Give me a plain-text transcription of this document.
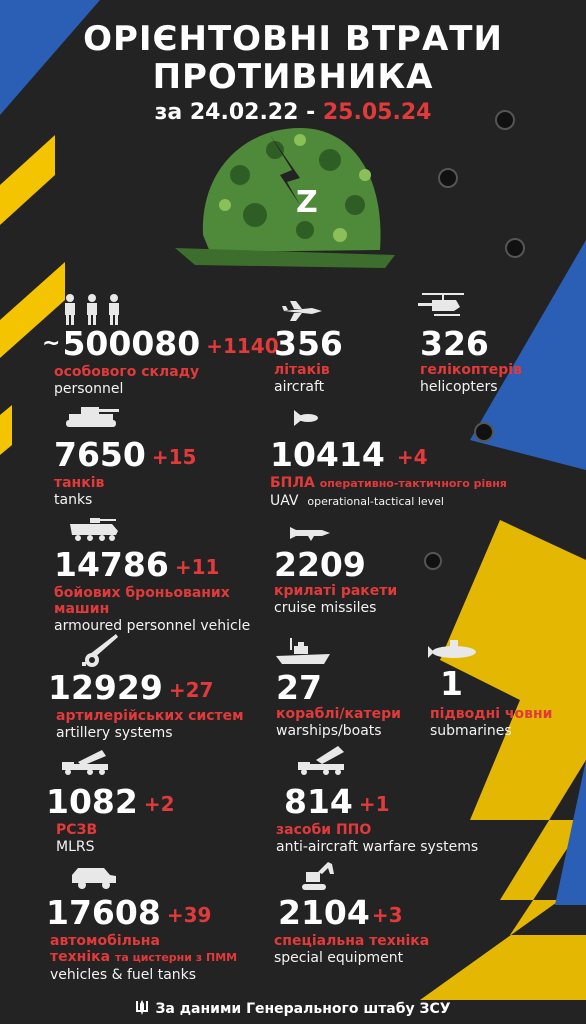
Z
ОРІЄНТОВНІ ВТРАТИ
ПРОТИВНИКА
за 24.02.22 - 25.05.24
~500080 +1140
особового складу
personnel
356
літаків
aircraft
326
гелікоптерів
helicopters
7650 +15
танків
tanks
10414 +4
БПЛА оперативно-тактичного рівня
UAV operational-tactical level
14786 +11
бойових броньованих
машин
armoured personnel vehicle
2209
крилаті ракети
cruise missiles
12929 +27
артилерійських систем
artillery systems
27
кораблі/катери
warships/boats
1
підводні човни
submarines
1082 +2
РСЗВ
MLRS
814 +1
засоби ППО
anti-aircraft warfare systems
17608 +39
автомобільна
техніка та цистерни з ПММ
vehicles & fuel tanks
2104 +3
спеціальна техніка
special equipment
За даними Генерального штабу ЗСУ
